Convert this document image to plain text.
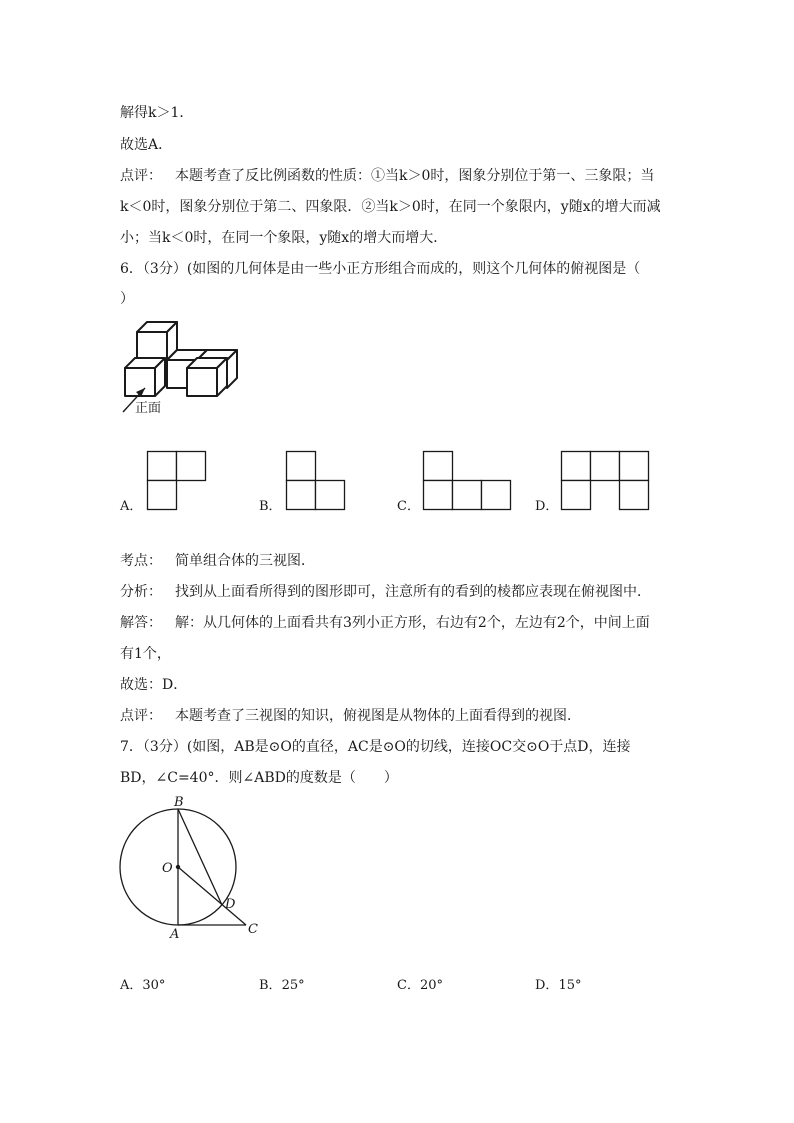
解得k＞1．

故选A．

点评： 本题考查了反比例函数的性质：①当k＞0时，图象分别位于第一、三象限；当

k＜0时，图象分别位于第二、四象限．②当k＞0时，在同一个象限内，y随x的增大而减

小；当k＜0时，在同一个象限，y随x的增大而增大．

6．（3分）(如图的几何体是由一些小正方形组合而成的，则这个几何体的俯视图是（

）

正面
A．	B．	C．	D．

考点： 简单组合体的三视图．

分析： 找到从上面看所得到的图形即可，注意所有的看到的棱都应表现在俯视图中．

解答： 解：从几何体的上面看共有3列小正方形，右边有2个，左边有2个，中间上面

有1个，

故选：D．

点评： 本题考查了三视图的知识，俯视图是从物体的上面看得到的视图．

7．（3分）(如图，AB是⊙O的直径，AC是⊙O的切线，连接OC交⊙O于点D，连接

BD，∠C=40°．则∠ABD的度数是（　　）

B
O
D
A	C
A．30°	B．25°	C．20°	D．15°
